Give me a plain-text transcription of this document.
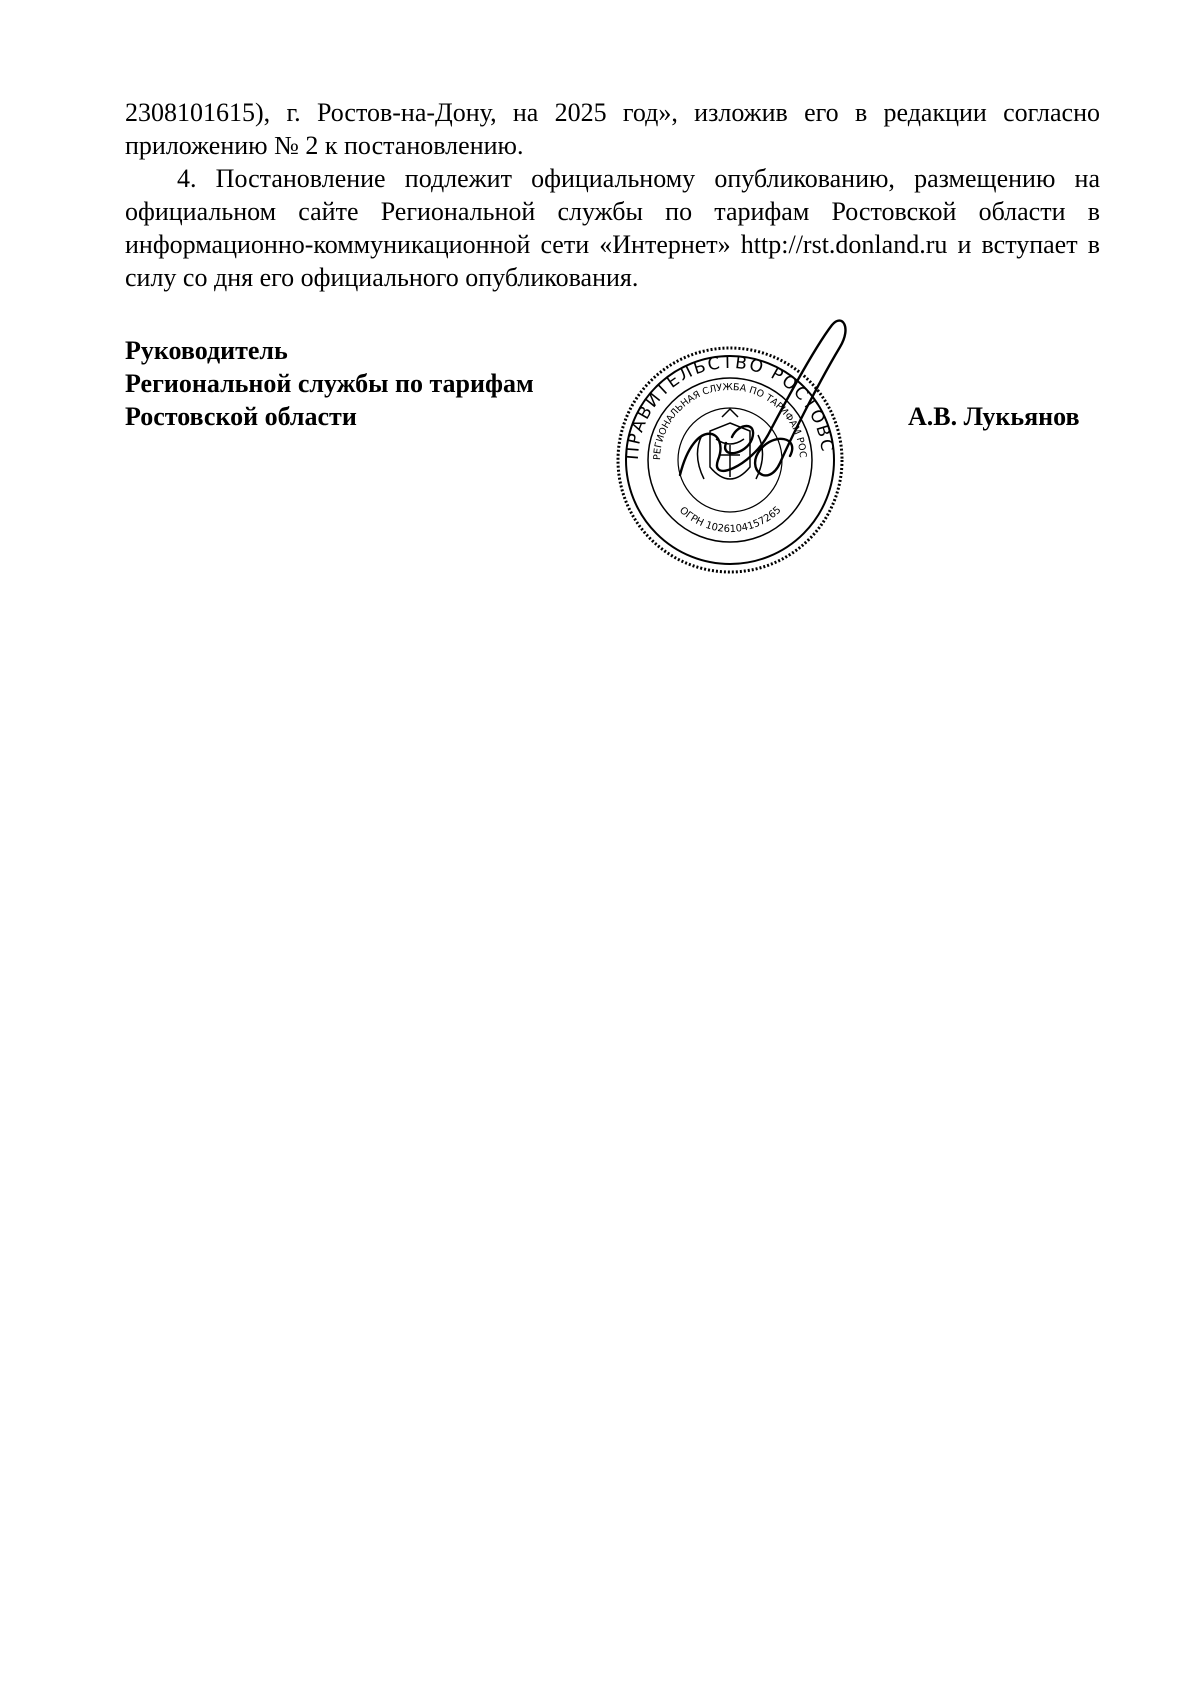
2308101615), г. Ростов-на-Дону, на 2025 год», изложив его в редакции согласно приложению № 2 к постановлению.

4. Постановление подлежит официальному опубликованию, размещению на официальном сайте Региональной службы по тарифам Ростовской области в информационно-коммуникационной сети «Интернет» http://rst.donland.ru и вступает в силу со дня его официального опубликования.

Руководитель
Региональной службы по тарифам
Ростовской области
ПРАВИТЕЛЬСТВО РОСТОВС
РЕГИОНАЛЬНАЯ СЛУЖБА ПО ТАРИФАМ РОС
ОГРН 1026104157265
А.В. Лукьянов
